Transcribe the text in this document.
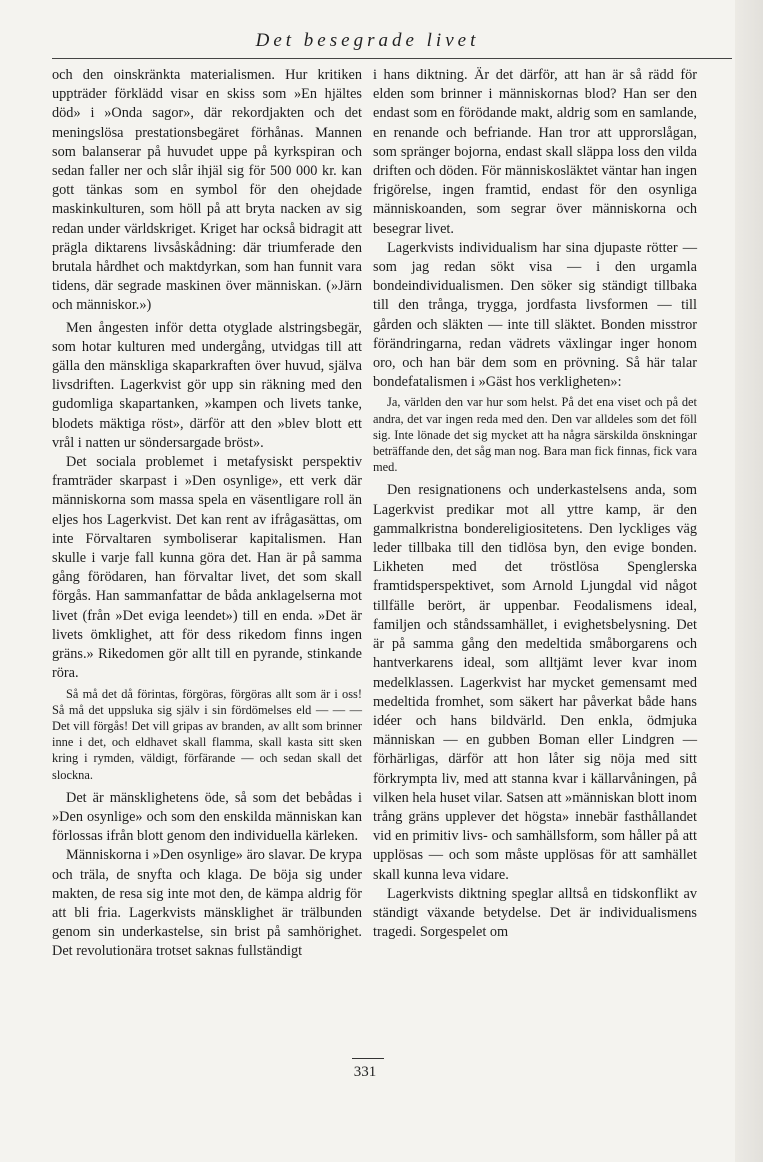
Det besegrade livet

och den oinskränkta materialismen. Hur kritiken uppträder förklädd visar en skiss som »En hjältes död» i »Onda sagor», där rekordjakten och det meningslösa prestationsbegäret förhånas. Mannen som balanserar på huvudet uppe på kyrkspiran och sedan faller ner och slår ihjäl sig för 500 000 kr. kan gott tänkas som en symbol för den ohejdade maskinkulturen, som höll på att bryta nacken av sig redan under världskriget. Kriget har också bidragit att prägla diktarens livsåskådning: där triumferade den brutala hårdhet och maktdyrkan, som han funnit vara tidens, där segrade maskinen över människan. (»Järn och människor.»)

Men ångesten inför detta otyglade alstringsbegär, som hotar kulturen med undergång, utvidgas till att gälla den mänskliga skaparkraften över huvud, själva livsdriften. Lagerkvist gör upp sin räkning med den gudomliga skapartanken, »kampen och livets tanke, blodets mäktiga röst», därför att den »blev blott ett vrål i natten ur söndersargade bröst».

Det sociala problemet i metafysiskt perspektiv framträder skarpast i »Den osynlige», ett verk där människorna som massa spela en väsentligare roll än eljes hos Lagerkvist. Det kan rent av ifrågasättas, om inte Förvaltaren symboliserar kapitalismen. Han skulle i varje fall kunna göra det. Han är på samma gång förödaren, han förvaltar livet, det som skall förgås. Han sammanfattar de båda anklagelserna mot livet (från »Det eviga leendet») till en enda. »Det är livets ömklighet, att för dess rikedom finns ingen gräns.» Rikedomen gör allt till en pyrande, stinkande röra.

Så må det då förintas, förgöras, förgöras allt som är i oss! Så må det uppsluka sig själv i sin fördömelses eld — — — Det vill förgås! Det vill gripas av branden, av allt som brinner inne i det, och eldhavet skall flamma, skall kasta sitt sken kring i rymden, väldigt, förfärande — och sedan skall det slockna.

Det är mänsklighetens öde, så som det bebådas i »Den osynlige» och som den enskilda människan kan förlossas ifrån blott genom den individuella kärleken.

Människorna i »Den osynlige» äro slavar. De krypa och träla, de snyfta och klaga. De böja sig under makten, de resa sig inte mot den, de kämpa aldrig för att bli fria. Lagerkvists mänsklighet är trälbunden genom sin underkastelse, sin brist på samhörighet. Det revolutionära trotset saknas fullständigt

i hans diktning. Är det därför, att han är så rädd för elden som brinner i människornas blod? Han ser den endast som en förödande makt, aldrig som en samlande, en renande och befriande. Han tror att upprorslågan, som spränger bojorna, endast skall släppa loss den vilda driften och döden. För människosläktet väntar han ingen frigörelse, ingen framtid, endast för den osynliga människoanden, som segrar över människorna och besegrar livet.

Lagerkvists individualism har sina djupaste rötter — som jag redan sökt visa — i den urgamla bondeindividualismen. Den söker sig ständigt tillbaka till den trånga, trygga, jordfasta livsformen — till gården och släkten — inte till släktet. Bonden misstror förändringarna, redan vädrets växlingar inger honom oro, och han bär dem som en prövning. Så här talar bondefatalismen i »Gäst hos verkligheten»:

Ja, världen den var hur som helst. På det ena viset och på det andra, det var ingen reda med den. Den var alldeles som det föll sig. Inte lönade det sig mycket att ha några särskilda önskningar beträffande den, det såg man nog. Bara man fick finnas, fick vara med.

Den resignationens och underkastelsens anda, som Lagerkvist predikar mot all yttre kamp, är den gammalkristna bondereligiositetens. Den lyckliges väg leder tillbaka till den tidlösa byn, den evige bonden. Likheten med det tröstlösa Spenglerska framtidsperspektivet, som Arnold Ljungdal vid något tillfälle berört, är uppenbar. Feodalismens ideal, familjen och ståndssamhället, i evighetsbelysning. Det är på samma gång den medeltida småborgarens och hantverkarens ideal, som alltjämt lever kvar inom medelklassen. Lagerkvist har mycket gemensamt med medeltida fromhet, som säkert har påverkat både hans idéer och hans bildvärld. Den enkla, ödmjuka människan — en gubben Boman eller Lindgren — förhärligas, därför att hon låter sig nöja med sitt förkrympta liv, med att stanna kvar i källarvåningen, på vilken hela huset vilar. Satsen att »människan blott inom trång gräns upplever det högsta» innebär fasthållandet vid en primitiv livs- och samhällsform, som håller på att upplösas — och som måste upplösas för att samhället skall kunna leva vidare.

Lagerkvists diktning speglar alltså en tidskonflikt av ständigt växande betydelse. Det är individualismens tragedi. Sorgespelet om

331
